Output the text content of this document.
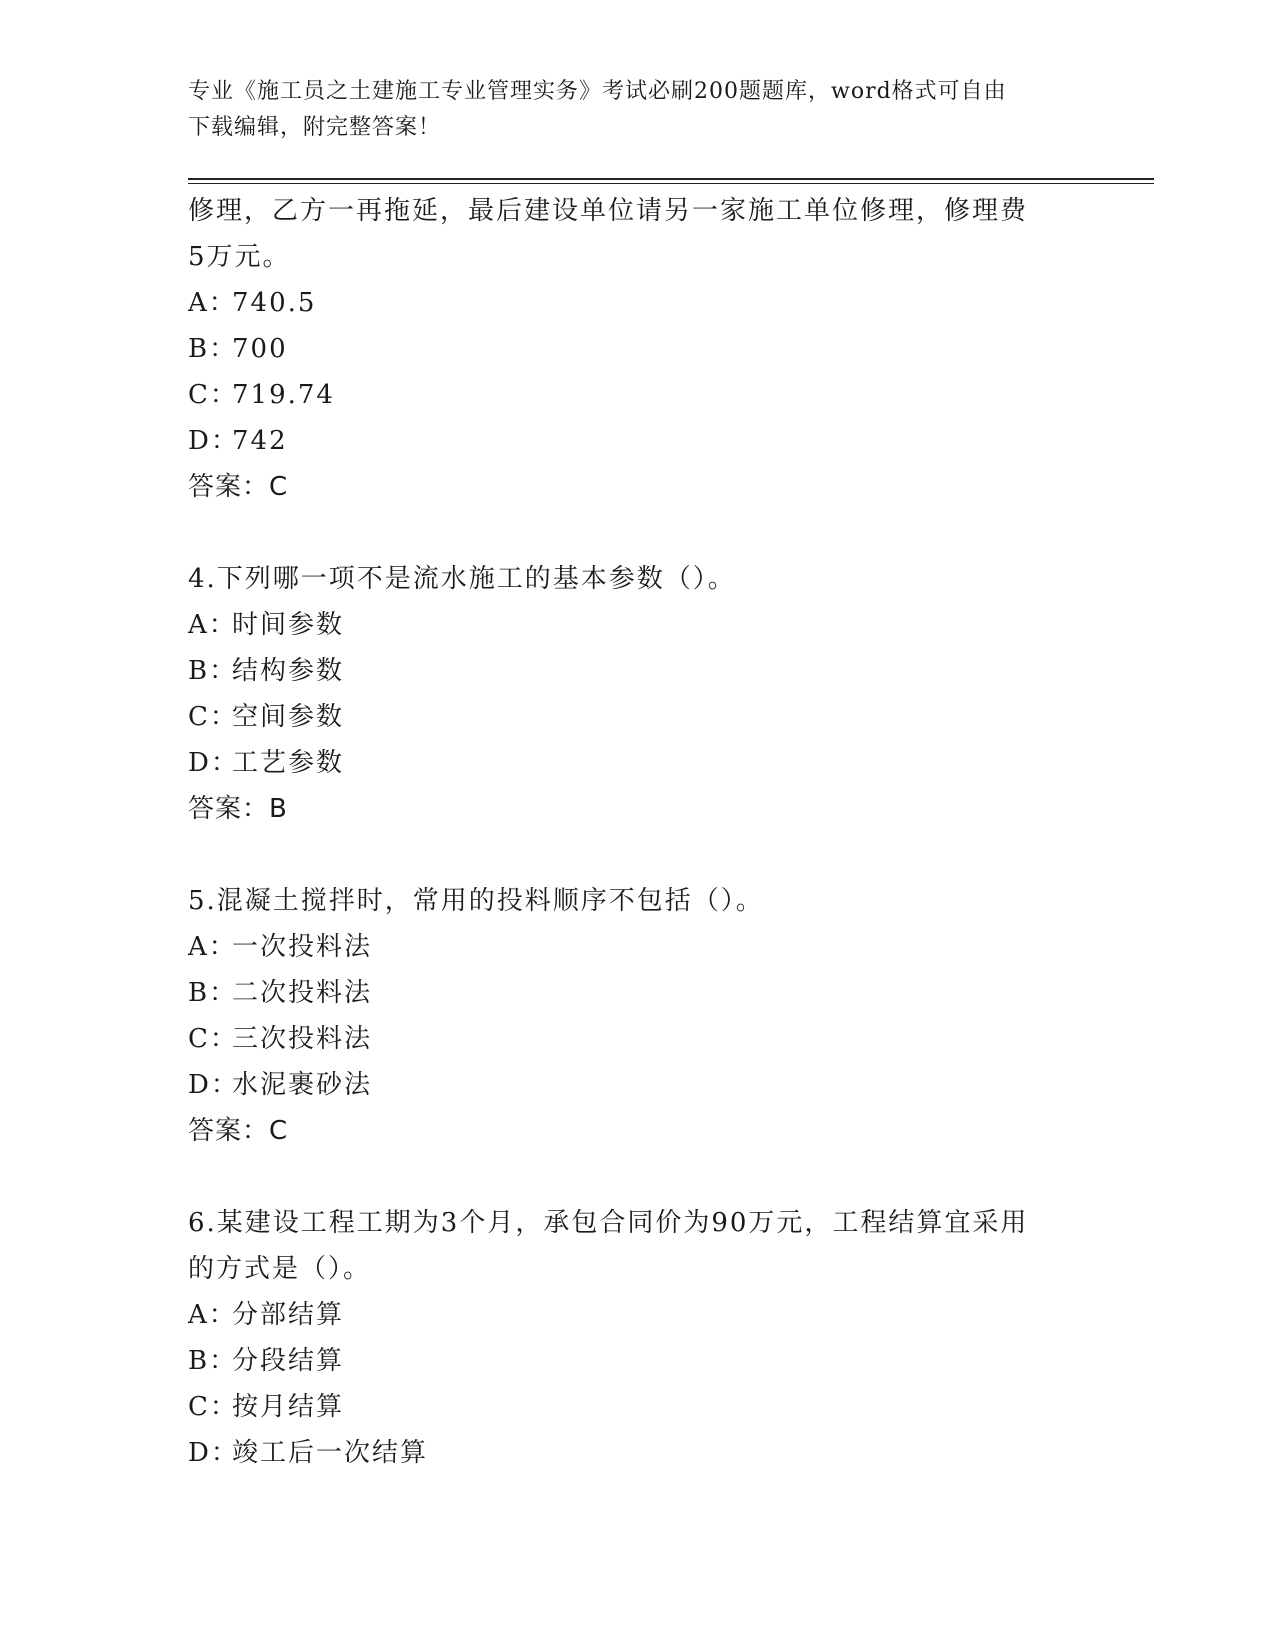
专业《施工员之土建施工专业管理实务》考试必刷200题题库，word格式可自由
下载编辑，附完整答案！
修理，乙方一再拖延，最后建设单位请另一家施工单位修理，修理费
5万元。
A：740.5
B：700
C：719.74
D：742
答案：C
4.下列哪一项不是流水施工的基本参数（）。
A：时间参数
B：结构参数
C：空间参数
D：工艺参数
答案：B
5.混凝土搅拌时，常用的投料顺序不包括（）。
A：一次投料法
B：二次投料法
C：三次投料法
D：水泥裹砂法
答案：C
6.某建设工程工期为3个月，承包合同价为90万元，工程结算宜采用
的方式是（）。
A：分部结算
B：分段结算
C：按月结算
D：竣工后一次结算
